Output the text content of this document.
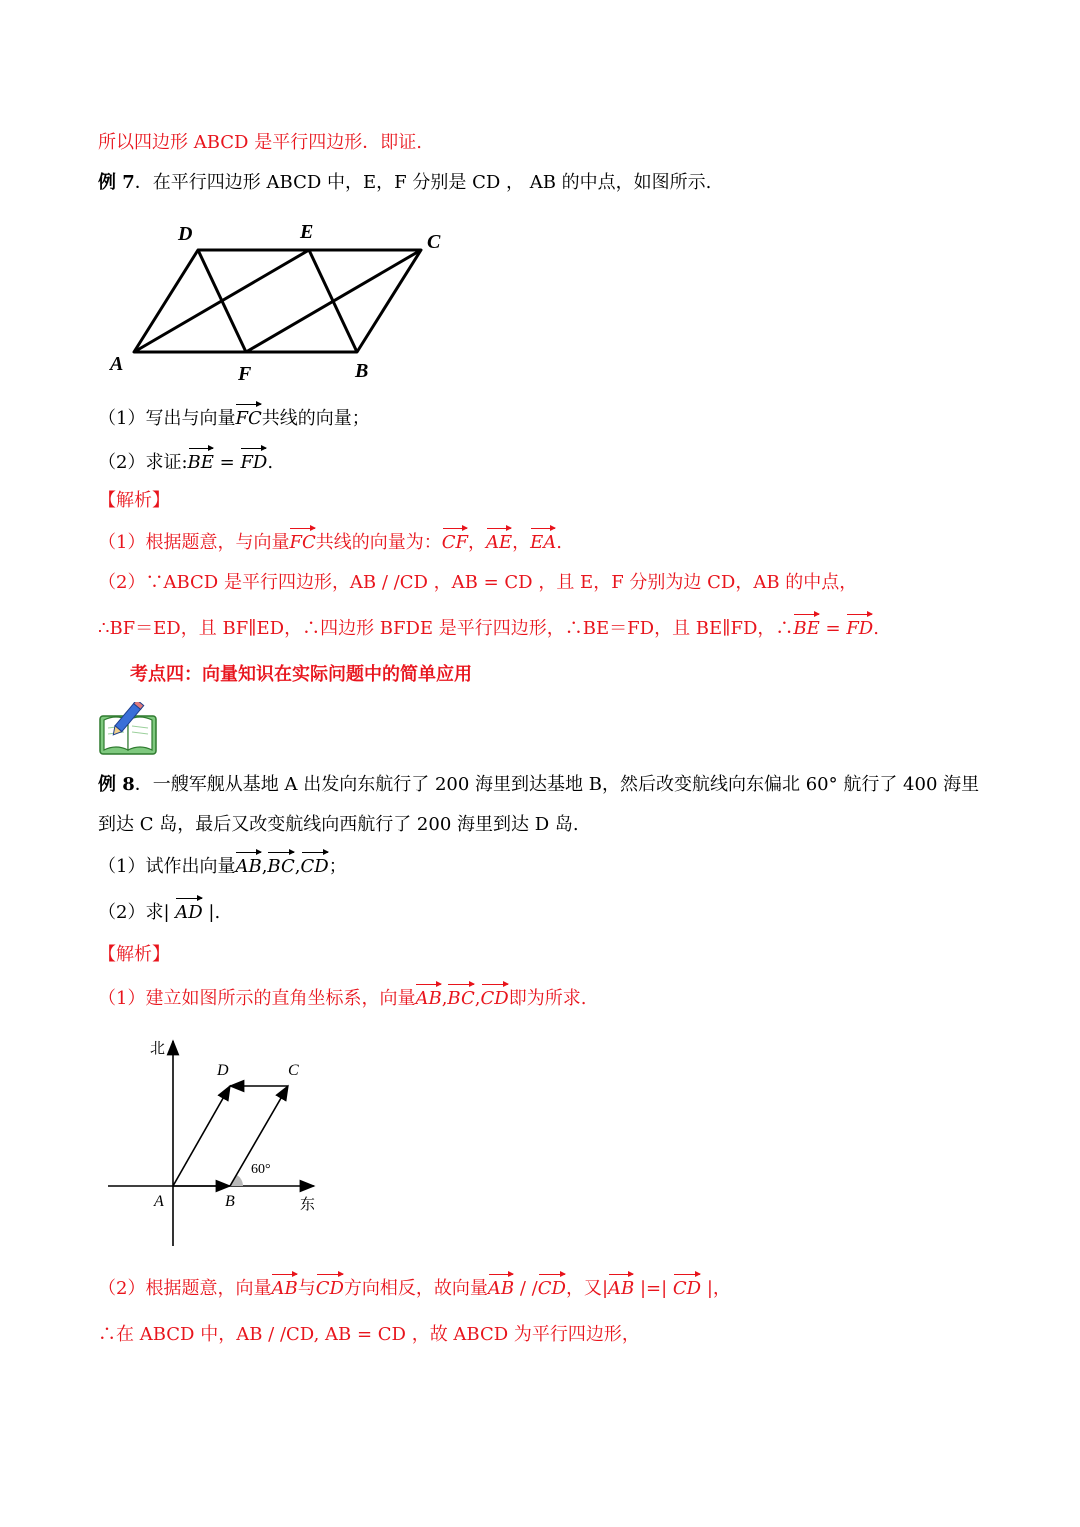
所以四边形 ABCD 是平行四边形．即证.
例 7．在平行四边形 ABCD 中，E，F 分别是 CD ， AB 的中点，如图所示.
D	E	C
A	F	B
（1）写出与向量FC共线的向量；
（2）求证:BE = FD.
【解析】
（1）根据题意，与向量FC共线的向量为：CF，AE，EA.
（2）∵ABCD 是平行四边形，AB / /CD ，AB = CD ，且 E，F 分别为边 CD，AB 的中点，
∴BF＝ED，且 BF∥ED，∴四边形 BFDE 是平行四边形，∴BE＝FD，且 BE∥FD，∴BE = FD.
考点四：向量知识在实际问题中的简单应用
例 8．一艘军舰从基地 A 出发向东航行了 200 海里到达基地 B，然后改变航线向东偏北 60° 航行了 400 海里
到达 C 岛，最后又改变航线向西航行了 200 海里到达 D 岛.
（1）试作出向量AB,BC,CD；
（2）求| AD |.
【解析】
（1）建立如图所示的直角坐标系，向量AB,BC,CD即为所求.
北
东
60°
A	B
C
D
（2）根据题意，向量AB与CD方向相反，故向量AB / /CD，又|AB |=| CD |，
∴在 ABCD 中，AB / /CD, AB = CD ，故 ABCD 为平行四边形，
